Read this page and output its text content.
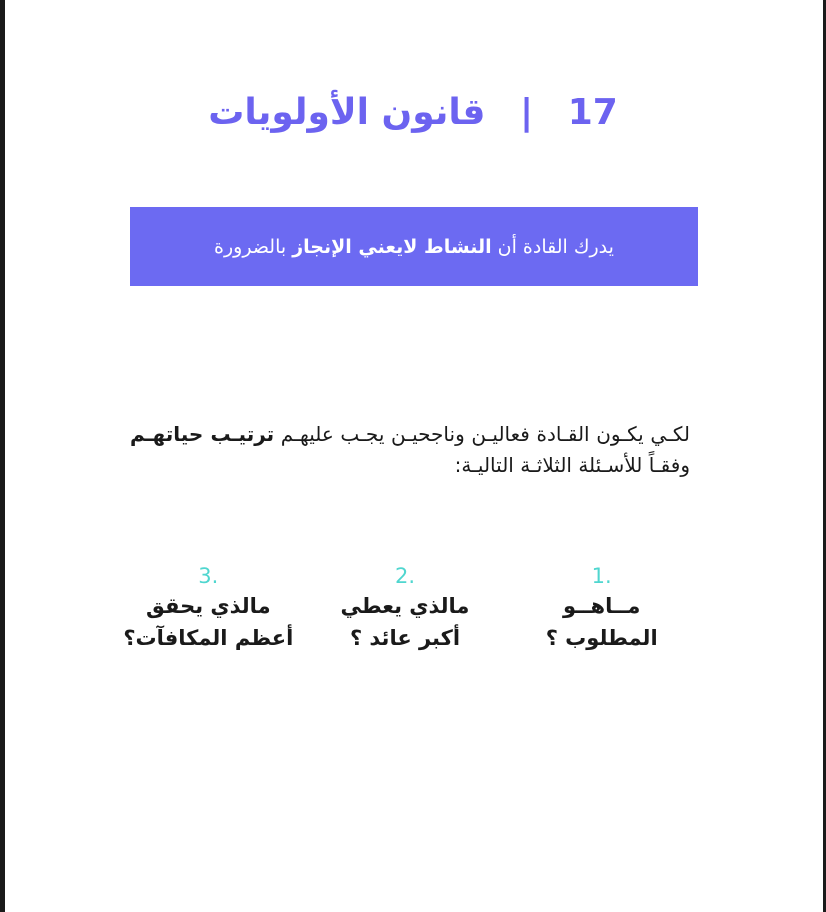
17 | قانون الأولويات
يدرك القادة أن النشاط لايعني الإنجاز بالضرورة
لكـي يكـون القـادة فعاليـن وناجحيـن يجـب عليهـم ترتيـب حياتهـم وفقـاً للأسـئلة الثلاثـة التاليـة:
.1
مــاهــو
المطلوب ؟
.2
مالذي يعطي
أكبر عائد ؟
.3
مالذي يحقق
أعظم المكافآت؟
